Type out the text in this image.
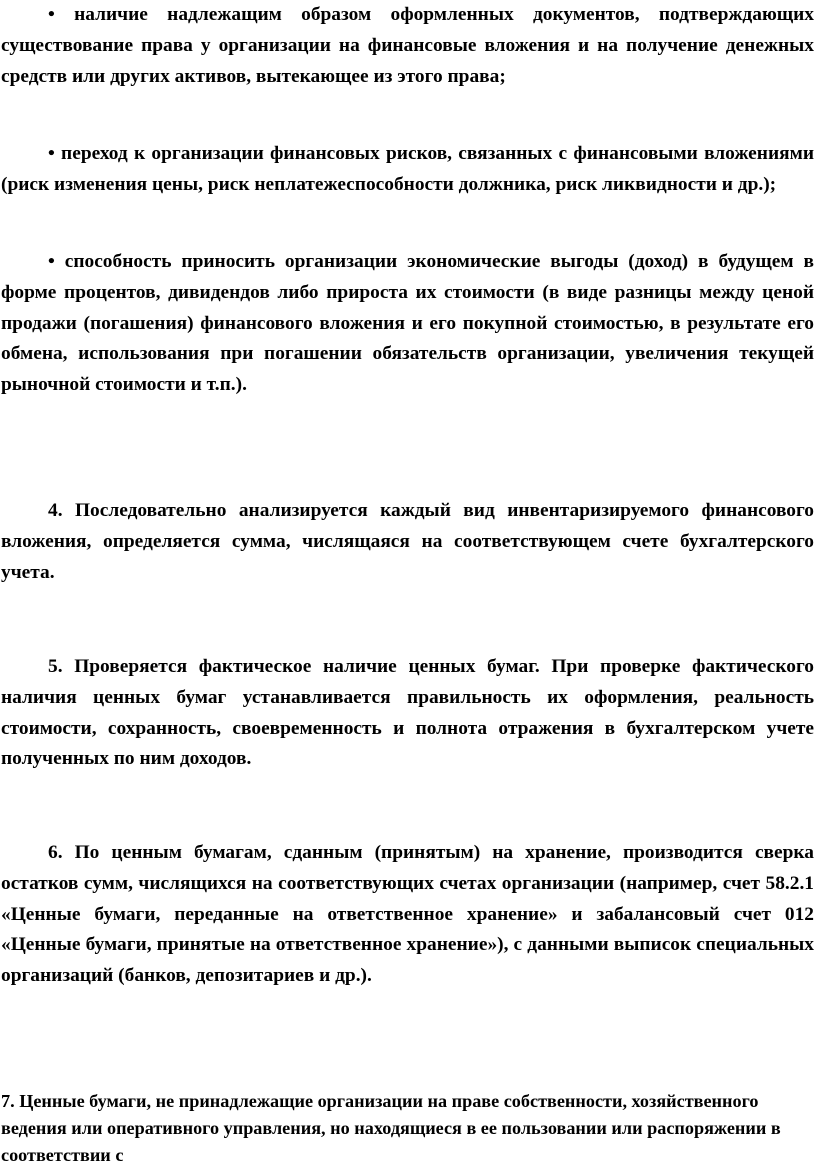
• наличие надлежащим образом оформленных документов, подтверждающих существование права у организации на финансовые вложения и на получение денежных средств или других активов, вытекающее из этого права;

• переход к организации финансовых рисков, связанных с финансовыми вложениями (риск изменения цены, риск неплатежеспособности должника, риск ликвидности и др.);

• способность приносить организации экономические выгоды (доход) в будущем в форме процентов, дивидендов либо прироста их стоимости (в виде разницы между ценой продажи (погашения) финансового вложения и его покупной стоимостью, в результате его обмена, использования при погашении обязательств организации, увеличения текущей рыночной стоимости и т.п.).

4. Последовательно анализируется каждый вид инвентаризируемого финансового вложения, определяется сумма, числящаяся на соответствующем счете бухгалтерского учета.

5. Проверяется фактическое наличие ценных бумаг. При проверке фактического наличия ценных бумаг устанавливается правильность их оформления, реальность стоимости, сохранность, своевременность и полнота отражения в бухгалтерском учете полученных по ним доходов.

6. По ценным бумагам, сданным (принятым) на хранение, производится сверка остатков сумм, числящихся на соответствующих счетах организации (например, счет 58.2.1 «Ценные бумаги, переданные на ответственное хранение» и забалансовый счет 012 «Ценные бумаги, принятые на ответственное хранение»), с данными выписок специальных организаций (банков, депозитариев и др.).

7. Ценные бумаги, не принадлежащие организации на праве собственности, хозяйственного ведения или оперативного управления, но находящиеся в ее пользовании или распоряжении в соответствии с
